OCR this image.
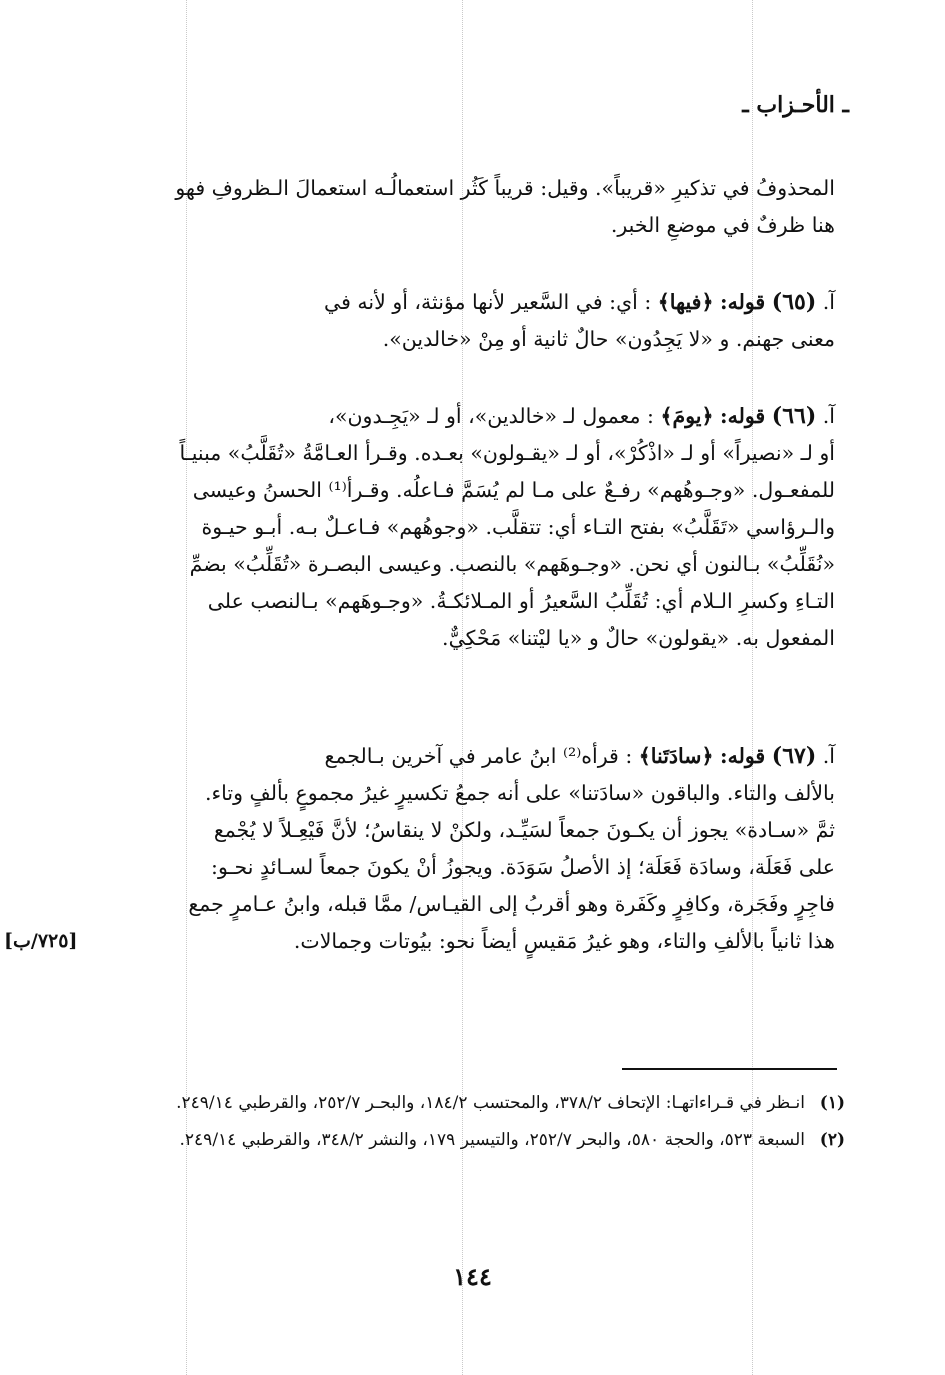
ـ الأحـزاب ـ

المحذوفُ في تذكيرِ «قريباً». وقيل: قريباً كَثُر استعمالُـه استعمالَ الـظروفِ فهو

هنا ظرفٌ في موضعِ الخبر.

آ. (٦٥) قوله: ﴿فيها﴾ : أي: في السَّعير لأنها مؤنثة، أو لأنه في

معنى جهنم. و «لا يَجِدُون» حالٌ ثانية أو مِنْ «خالدين».

آ. (٦٦) قوله: ﴿يومَ﴾ : معمول لـ «خالدين»، أو لـ «يَجِـدون»،

أو لـ «نصيراً» أو لـ «اذْكُرْ»، أو لـ «يقـولون» بعـده. وقـرأ العـامَّةُ «تُقَلَّبُ» مبنيـاً

للمفعـول. «وجـوهُهم» رفـعٌ على مـا لم يُسَمَّ فـاعلُه. وقـرأ⁽¹⁾ الحسنُ وعيسى

والـرؤاسي «تَقَلَّبُ» بفتح التـاء أي: تتقلَّب. «وجوهُهم» فـاعـلٌ بـه. أبـو حيـوة

«نُقَلِّبُ» بـالنون أي نحن. «وجـوهَهم» بالنصب. وعيسى البصـرة «تُقَلِّبُ» بضمِّ

التـاءِ وكسرِ الـلام أي: تُقَلِّبُ السَّعيرُ أو المـلائكـةُ. «وجـوهَهم» بـالنصب على

المفعول به. «يقولون» حالٌ و «يا ليْتنا» مَحْكِيٌّ.

آ. (٦٧) قوله: ﴿سادَتَنا﴾ : قرأه⁽²⁾ ابنُ عامر في آخرين بـالجمع

بالألف والتاء. والباقون «سادَتنا» على أنه جمعُ تكسيرٍ غيرُ مجموعٍ بألفٍ وتاء.

ثمَّ «سـادة» يجوز أن يكـونَ جمعاً لسَيِّـد، ولكنْ لا ينقاسُ؛ لأنَّ فَيْعِـلاً لا يُجْمع

على فَعَلَة، وسادَة فَعَلَة؛ إذ الأصلُ سَوَدَة. ويجوزُ أنْ يكونَ جمعاً لسـائدٍ نحـو:

فاجِرٍ وفَجَرة، وكافِرٍ وكَفَرة وهو أقربُ إلى القيـاس/ ممَّا قبله، وابنُ عـامرٍ جمع

هذا ثانياً بالألفِ والتاء، وهو غيرُ مَقيسٍ أيضاً نحو: بيُوتات وجمالات.

[٧٢٥/ب]
(١)
انـظر في قـراءاتهـا: الإتحاف ٣٧٨/٢، والمحتسب ١٨٤/٢، والبحـر ٢٥٢/٧، والقرطبي ٢٤٩/١٤.
(٢)
السبعة ٥٢٣، والحجة ٥٨٠، والبحر ٢٥٢/٧، والتيسير ١٧٩، والنشر ٣٤٨/٢، والقرطبي ٢٤٩/١٤.
١٤٤
